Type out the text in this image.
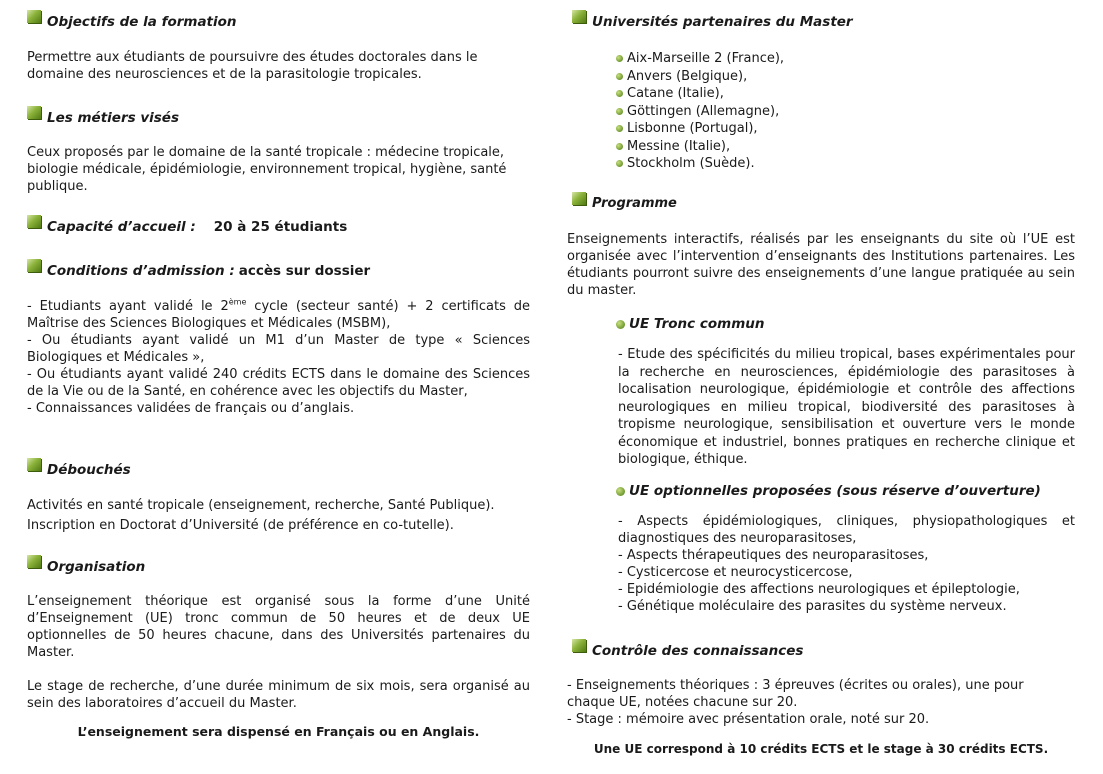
Objectifs de la formation
Permettre aux étudiants de poursuivre des études doctorales dans le domaine des neurosciences et de la parasitologie tropicales.
Les métiers visés
Ceux proposés par le domaine de la santé tropicale : médecine tropicale, biologie médicale, épidémiologie, environnement tropical, hygiène, santé publique.
Capacité d’accueil : 20 à 25 étudiants
Conditions d’admission : accès sur dossier
- Etudiants ayant validé le 2ème cycle (secteur santé) + 2 certificats de Maîtrise des Sciences Biologiques et Médicales (MSBM),
- Ou étudiants ayant validé un M1 d’un Master de type « Sciences Biologiques et Médicales »,
- Ou étudiants ayant validé 240 crédits ECTS dans le domaine des Sciences de la Vie ou de la Santé, en cohérence avec les objectifs du Master,
- Connaissances validées de français ou d’anglais.
Débouchés
Activités en santé tropicale (enseignement, recherche, Santé Publique).
Inscription en Doctorat d’Université (de préférence en co-tutelle).
Organisation
L’enseignement théorique est organisé sous la forme d’une Unité d’Enseignement (UE) tronc commun de 50 heures et de deux UE optionnelles de 50 heures chacune, dans des Universités partenaires du Master.
Le stage de recherche, d’une durée minimum de six mois, sera organisé au sein des laboratoires d’accueil du Master.
L’enseignement sera dispensé en Français ou en Anglais.
Universités partenaires du Master
Aix-Marseille 2 (France),
Anvers (Belgique),
Catane (Italie),
Göttingen (Allemagne),
Lisbonne (Portugal),
Messine (Italie),
Stockholm (Suède).
Programme
Enseignements interactifs, réalisés par les enseignants du site où l’UE est organisée avec l’intervention d’enseignants des Institutions partenaires. Les étudiants pourront suivre des enseignements d’une langue pratiquée au sein du master.
UE Tronc commun
- Etude des spécificités du milieu tropical, bases expérimentales pour la recherche en neurosciences, épidémiologie des parasitoses à localisation neurologique, épidémiologie et contrôle des affections neurologiques en milieu tropical, biodiversité des parasitoses à tropisme neurologique, sensibilisation et ouverture vers le monde économique et industriel, bonnes pratiques en recherche clinique et biologique, éthique.
UE optionnelles proposées (sous réserve d’ouverture)
- Aspects épidémiologiques, cliniques, physiopathologiques et diagnostiques des neuroparasitoses,
- Aspects thérapeutiques des neuroparasitoses,
- Cysticercose et neurocysticercose,
- Epidémiologie des affections neurologiques et épileptologie,
- Génétique moléculaire des parasites du système nerveux.
Contrôle des connaissances
- Enseignements théoriques : 3 épreuves (écrites ou orales), une pour chaque UE, notées chacune sur 20.
- Stage : mémoire avec présentation orale, noté sur 20.
Une UE correspond à 10 crédits ECTS et le stage à 30 crédits ECTS.
